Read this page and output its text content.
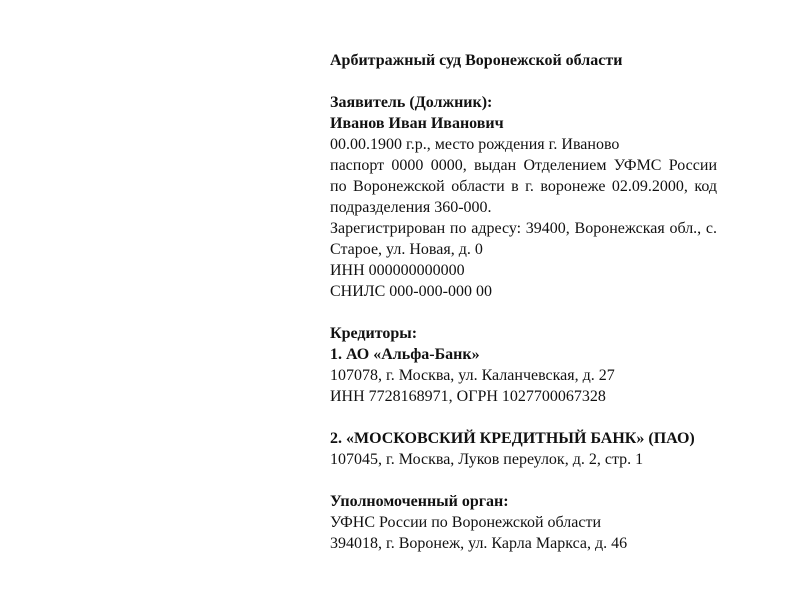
Арбитражный суд Воронежской области
Заявитель (Должник):
Иванов Иван Иванович
00.00.1900 г.р., место рождения г. Иваново
паспорт 0000 0000, выдан Отделением УФМС России по Воронежской области в г. воронеже 02.09.2000, код подразделения 360-000.
Зарегистрирован по адресу: 39400, Воронежская обл., с. Старое, ул. Новая, д. 0
ИНН 000000000000
СНИЛС 000-000-000 00
Кредиторы:
1. АО «Альфа-Банк»
107078, г. Москва, ул. Каланчевская, д. 27
ИНН 7728168971, ОГРН 1027700067328
2. «МОСКОВСКИЙ КРЕДИТНЫЙ БАНК» (ПАО)
107045, г. Москва, Луков переулок, д. 2, стр. 1
Уполномоченный орган:
УФНС России по Воронежской области
394018, г. Воронеж, ул. Карла Маркса, д. 46
